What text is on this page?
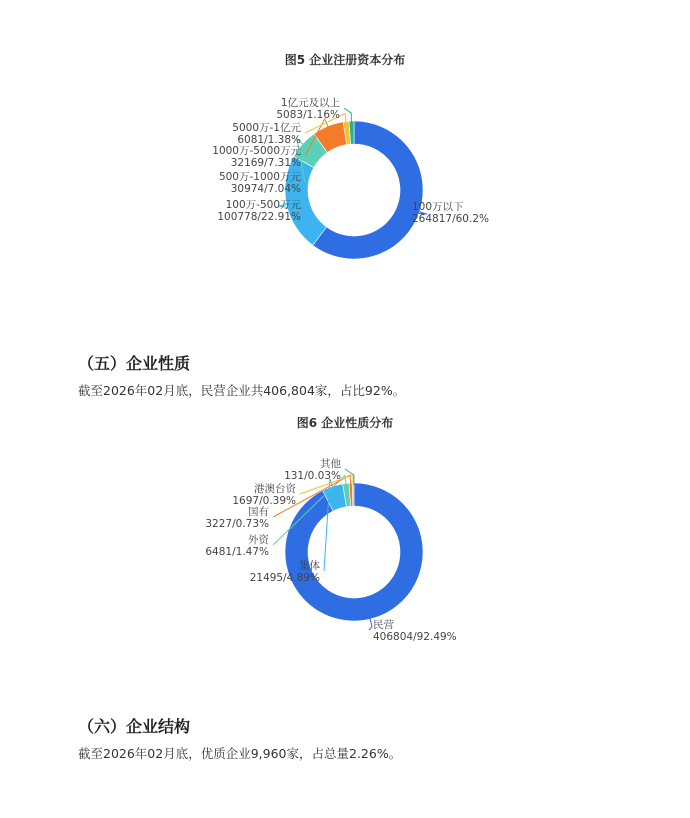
图5 企业注册资本分布
100万以下
264817/60.2%
100万-500万元
100778/22.91%
500万-1000万元
30974/7.04%
1000万-5000万元
32169/7.31%
5000万-1亿元
6081/1.38%
1亿元及以上
5083/1.16%
（五）企业性质
截至2026年02月底，民营企业共406,804家，占比92%。
图6 企业性质分布
民营
406804/92.49%
集体
21495/4.89%
外资
6481/1.47%
国有
3227/0.73%
港澳台资
1697/0.39%
其他
131/0.03%
（六）企业结构
截至2026年02月底，优质企业9,960家，占总量2.26%。
